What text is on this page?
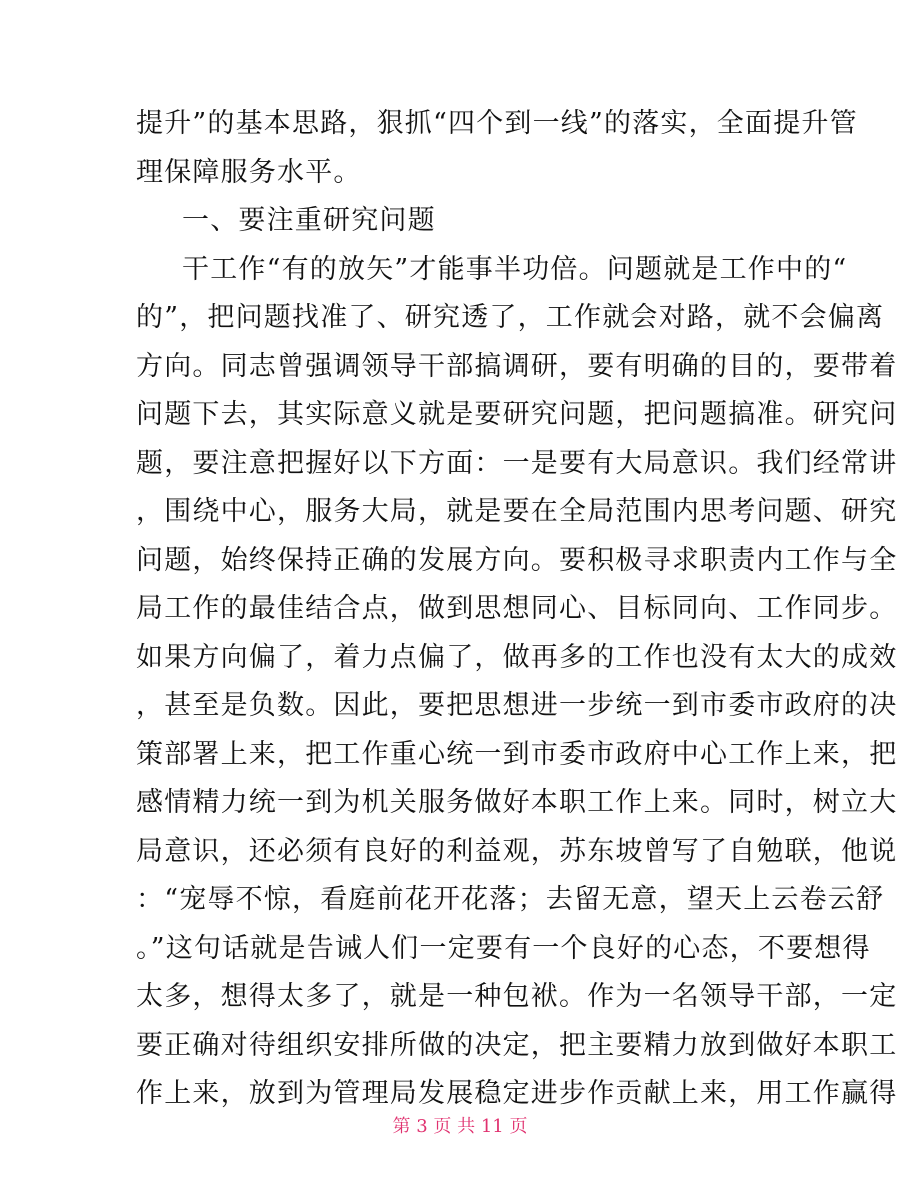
提升”的基本思路，狠抓“四个到一线”的落实，全面提升管
理保障服务水平。
一、要注重研究问题
干工作“有的放矢”才能事半功倍。问题就是工作中的“
的”，把问题找准了、研究透了，工作就会对路，就不会偏离
方向。同志曾强调领导干部搞调研，要有明确的目的，要带着
问题下去，其实际意义就是要研究问题，把问题搞准。研究问
题，要注意把握好以下方面：一是要有大局意识。我们经常讲
，围绕中心，服务大局，就是要在全局范围内思考问题、研究
问题，始终保持正确的发展方向。要积极寻求职责内工作与全
局工作的最佳结合点，做到思想同心、目标同向、工作同步。
如果方向偏了，着力点偏了，做再多的工作也没有太大的成效
，甚至是负数。因此，要把思想进一步统一到市委市政府的决
策部署上来，把工作重心统一到市委市政府中心工作上来，把
感情精力统一到为机关服务做好本职工作上来。同时，树立大
局意识，还必须有良好的利益观，苏东坡曾写了自勉联，他说
：“宠辱不惊，看庭前花开花落；去留无意，望天上云卷云舒
。”这句话就是告诫人们一定要有一个良好的心态，不要想得
太多，想得太多了，就是一种包袱。作为一名领导干部，一定
要正确对待组织安排所做的决定，把主要精力放到做好本职工
作上来，放到为管理局发展稳定进步作贡献上来，用工作赢得
第 3 页 共 11 页
